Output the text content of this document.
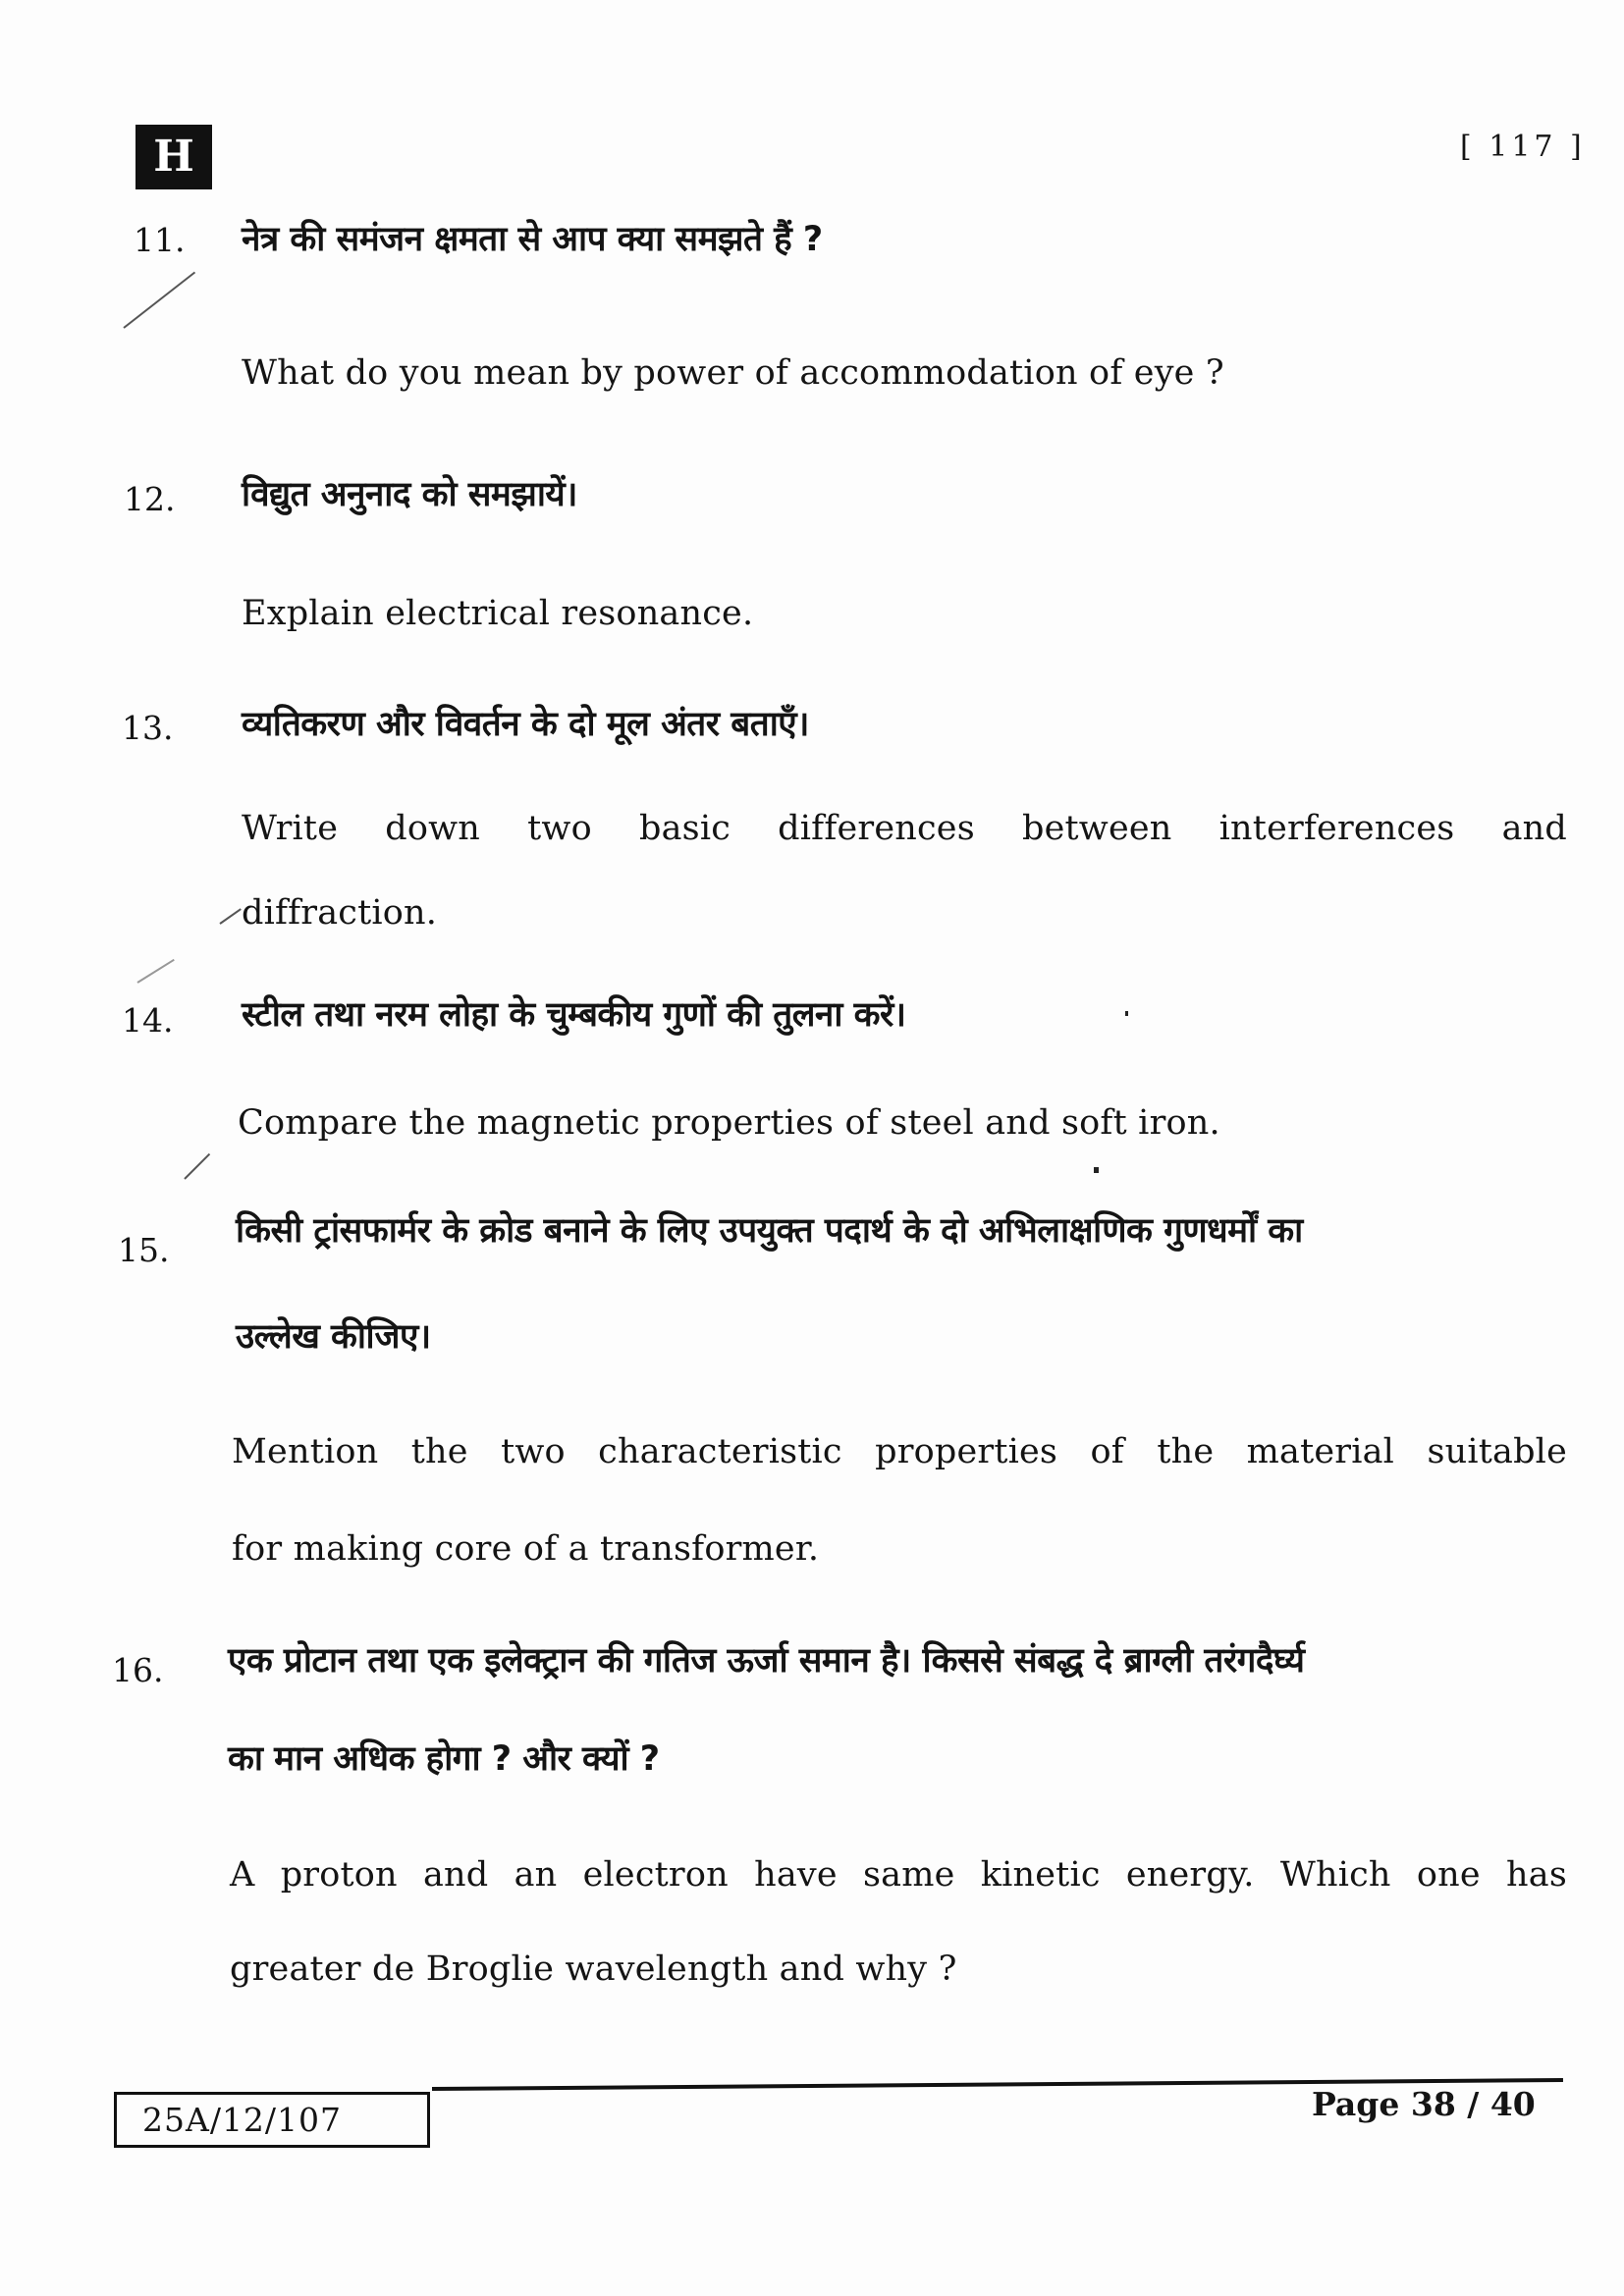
H	[ 117 ]
11.	नेत्र की समंजन क्षमता से आप क्या समझते हैं ?
What do you mean by power of accommodation of eye ?
12.	विद्युत अनुनाद को समझायें।
Explain electrical resonance.
13.	व्यतिकरण और विवर्तन के दो मूल अंतर बताएँ।
Write down two basic differences between interferences and
diffraction.
14.	स्टील तथा नरम लोहा के चुम्बकीय गुणों की तुलना करें।
Compare the magnetic properties of steel and soft iron.
15.	किसी ट्रांसफार्मर के क्रोड बनाने के लिए उपयुक्त पदार्थ के दो अभिलाक्षणिक गुणधर्मों का
उल्लेख कीजिए।
Mention the two characteristic properties of the material suitable
for making core of a transformer.
16.	एक प्रोटान तथा एक इलेक्ट्रान की गतिज ऊर्जा समान है। किससे संबद्ध दे ब्राग्ली तरंगदैर्घ्य
का मान अधिक होगा ? और क्यों ?
A proton and an electron have same kinetic energy. Which one has
greater de Broglie wavelength and why ?
25A/12/107	Page 38 / 40
